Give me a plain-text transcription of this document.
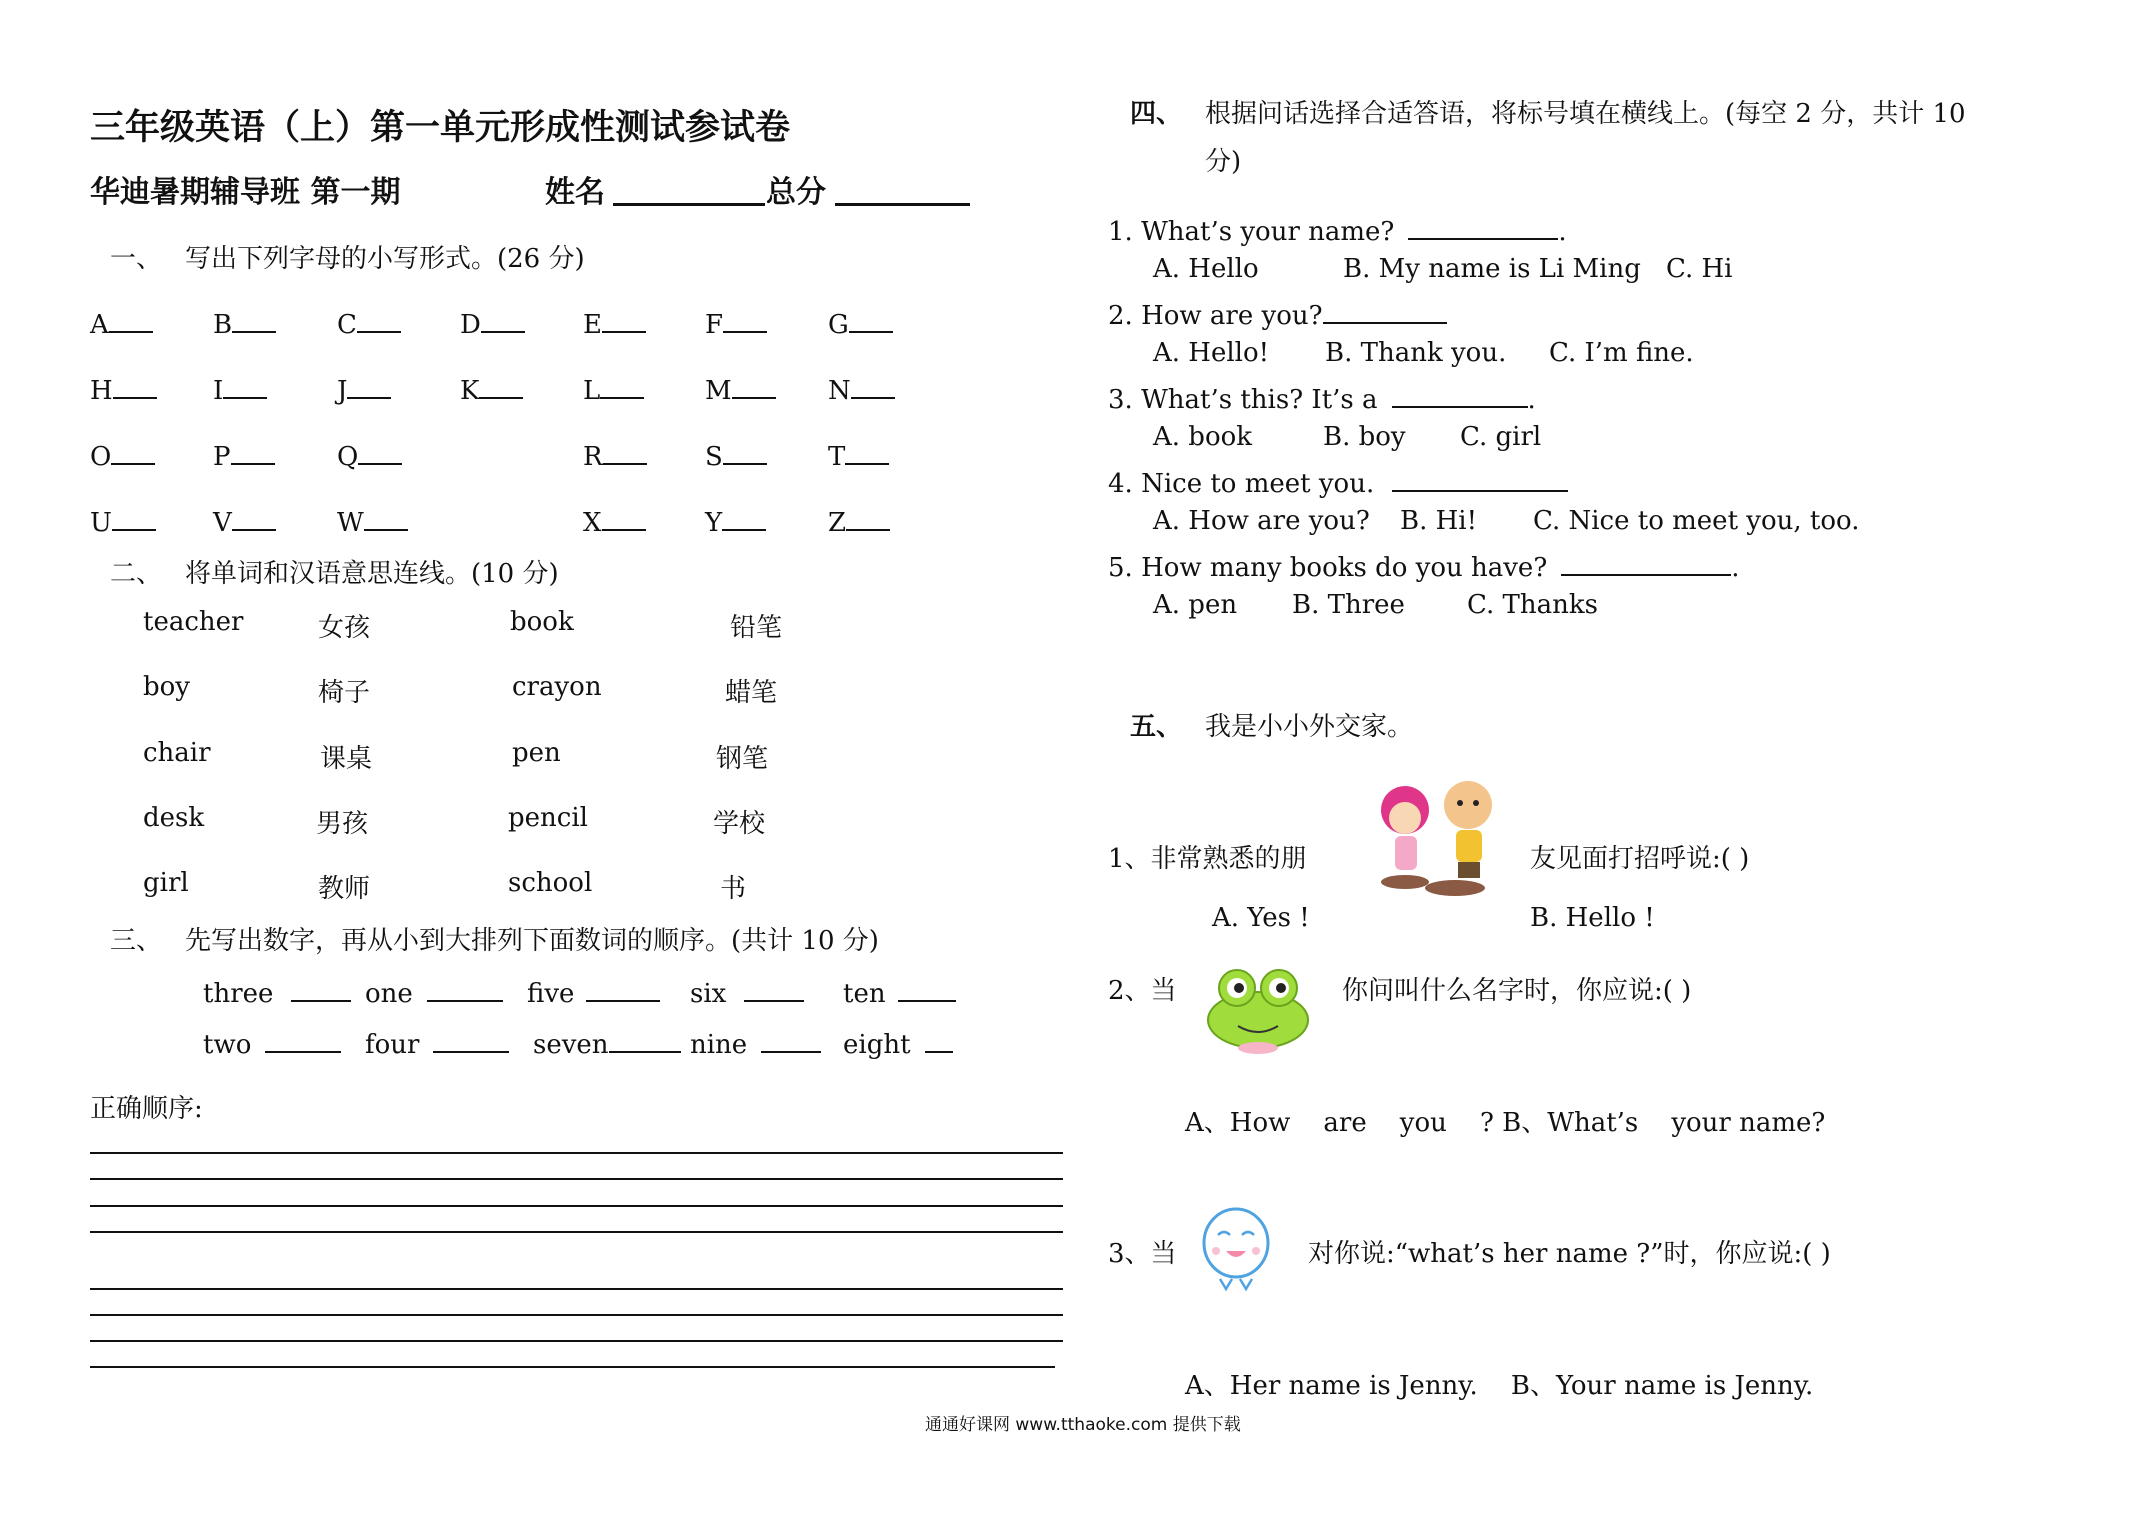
三年级英语（上）第一单元形成性测试参试卷
华迪暑期辅导班 第一期	姓名	总分
一、 写出下列字母的小写形式。(26 分)
A	B	C	D	E	F	G
H	I	J	K	L	M	N
O	P	Q	R	S	T
U	V	W	X	Y	Z
二、 将单词和汉语意思连线。(10 分)
teacher	女孩	book	铅笔
boy	椅子	crayon	蜡笔
chair	课桌	pen	钢笔
desk	男孩	pencil	学校
girl	教师	school	书
三、 先写出数字，再从小到大排列下面数词的顺序。(共计 10 分)
three	one	five	six	ten
two	four	seven	nine	eight
正确顺序:
四、 根据问话选择合适答语，将标号填在横线上。(每空 2 分，共计 10
分)
1. What’s your name?	.
A. Hello	B. My name is Li Ming C. Hi
2. How are you?
A. Hello! B. Thank you. C. I’m fine.
3. What’s this? It’s a	.
A. book	B. boy C. girl
4. Nice to meet you.
A. How are you? B. Hi! C. Nice to meet you, too.
5. How many books do you have?	.
A. pen B. Three C. Thanks
五、 我是小小外交家。
1、非常熟悉的朋	友见面打招呼说:( )
A. Yes !	B. Hello !
2、当	你问叫什么名字时，你应说:( )
A、How    are    you    ? B、What’s    your name?
3、当	对你说:“what’s her name ?”时，你应说:( )
A、Her name is Jenny.    B、Your name is Jenny.
通通好课网 www.tthaoke.com 提供下载
